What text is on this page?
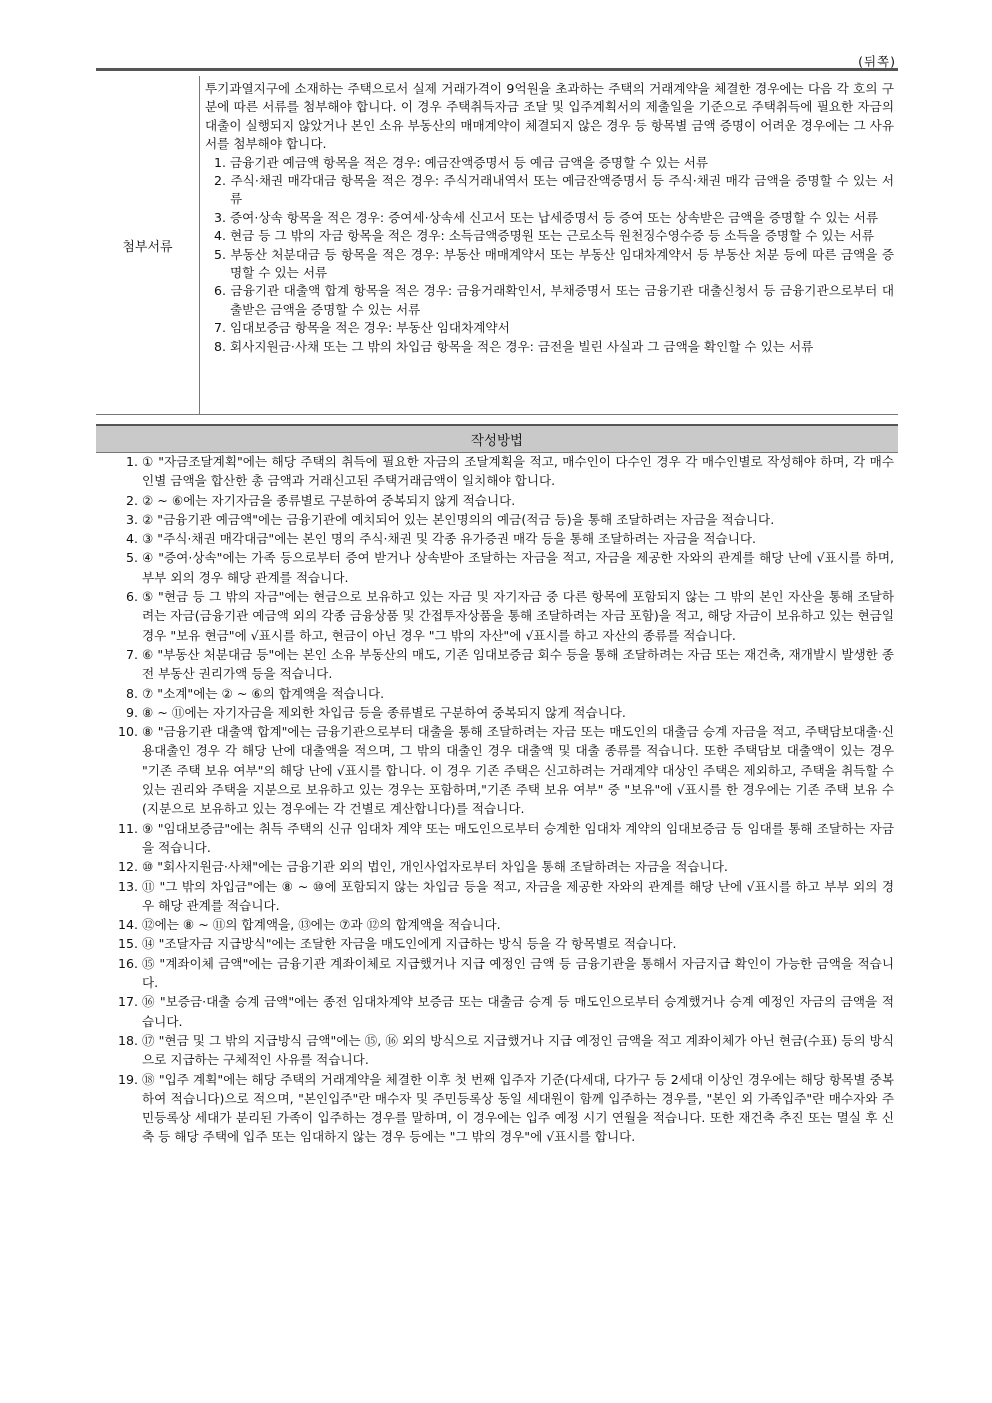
(뒤쪽)
첨부서류

투기과열지구에 소재하는 주택으로서 실제 거래가격이 9억원을 초과하는 주택의 거래계약을 체결한 경우에는 다음 각 호의 구분에 따른 서류를 첨부해야 합니다. 이 경우 주택취득자금 조달 및 입주계획서의 제출일을 기준으로 주택취득에 필요한 자금의 대출이 실행되지 않았거나 본인 소유 부동산의 매매계약이 체결되지 않은 경우 등 항목별 금액 증명이 어려운 경우에는 그 사유서를 첨부해야 합니다.

1. 금융기관 예금액 항목을 적은 경우: 예금잔액증명서 등 예금 금액을 증명할 수 있는 서류
2. 주식·채권 매각대금 항목을 적은 경우: 주식거래내역서 또는 예금잔액증명서 등 주식·채권 매각 금액을 증명할 수 있는 서류
3. 증여·상속 항목을 적은 경우: 증여세·상속세 신고서 또는 납세증명서 등 증여 또는 상속받은 금액을 증명할 수 있는 서류
4. 현금 등 그 밖의 자금 항목을 적은 경우: 소득금액증명원 또는 근로소득 원천징수영수증 등 소득을 증명할 수 있는 서류
5. 부동산 처분대금 등 항목을 적은 경우: 부동산 매매계약서 또는 부동산 임대차계약서 등 부동산 처분 등에 따른 금액을 증명할 수 있는 서류
6. 금융기관 대출액 합계 항목을 적은 경우: 금융거래확인서, 부채증명서 또는 금융기관 대출신청서 등 금융기관으로부터 대출받은 금액을 증명할 수 있는 서류
7. 임대보증금 항목을 적은 경우: 부동산 임대차계약서
8. 회사지원금·사채 또는 그 밖의 차입금 항목을 적은 경우: 금전을 빌린 사실과 그 금액을 확인할 수 있는 서류
작성방법
1. ① "자금조달계획"에는 해당 주택의 취득에 필요한 자금의 조달계획을 적고, 매수인이 다수인 경우 각 매수인별로 작성해야 하며, 각 매수인별 금액을 합산한 총 금액과 거래신고된 주택거래금액이 일치해야 합니다.
2. ② ~ ⑥에는 자기자금을 종류별로 구분하여 중복되지 않게 적습니다.
3. ② "금융기관 예금액"에는 금융기관에 예치되어 있는 본인명의의 예금(적금 등)을 통해 조달하려는 자금을 적습니다.
4. ③ "주식·채권 매각대금"에는 본인 명의 주식·채권 및 각종 유가증권 매각 등을 통해 조달하려는 자금을 적습니다.
5. ④ "증여·상속"에는 가족 등으로부터 증여 받거나 상속받아 조달하는 자금을 적고, 자금을 제공한 자와의 관계를 해당 난에 √표시를 하며, 부부 외의 경우 해당 관계를 적습니다.
6. ⑤ "현금 등 그 밖의 자금"에는 현금으로 보유하고 있는 자금 및 자기자금 중 다른 항목에 포함되지 않는 그 밖의 본인 자산을 통해 조달하려는 자금(금융기관 예금액 외의 각종 금융상품 및 간접투자상품을 통해 조달하려는 자금 포함)을 적고, 해당 자금이 보유하고 있는 현금일 경우 "보유 현금"에 √표시를 하고, 현금이 아닌 경우 "그 밖의 자산"에 √표시를 하고 자산의 종류를 적습니다.
7. ⑥ "부동산 처분대금 등"에는 본인 소유 부동산의 매도, 기존 임대보증금 회수 등을 통해 조달하려는 자금 또는 재건축, 재개발시 발생한 종전 부동산 권리가액 등을 적습니다.
8. ⑦ "소계"에는 ② ~ ⑥의 합계액을 적습니다.
9. ⑧ ~ ⑪에는 자기자금을 제외한 차입금 등을 종류별로 구분하여 중복되지 않게 적습니다.
10. ⑧ "금융기관 대출액 합계"에는 금융기관으로부터 대출을 통해 조달하려는 자금 또는 매도인의 대출금 승계 자금을 적고, 주택담보대출·신용대출인 경우 각 해당 난에 대출액을 적으며, 그 밖의 대출인 경우 대출액 및 대출 종류를 적습니다. 또한 주택담보 대출액이 있는 경우 "기존 주택 보유 여부"의 해당 난에 √표시를 합니다. 이 경우 기존 주택은 신고하려는 거래계약 대상인 주택은 제외하고, 주택을 취득할 수 있는 권리와 주택을 지분으로 보유하고 있는 경우는 포함하며,"기존 주택 보유 여부" 중 "보유"에 √표시를 한 경우에는 기존 주택 보유 수(지분으로 보유하고 있는 경우에는 각 건별로 계산합니다)를 적습니다.
11. ⑨ "임대보증금"에는 취득 주택의 신규 임대차 계약 또는 매도인으로부터 승계한 임대차 계약의 임대보증금 등 임대를 통해 조달하는 자금을 적습니다.
12. ⑩ "회사지원금·사채"에는 금융기관 외의 법인, 개인사업자로부터 차입을 통해 조달하려는 자금을 적습니다.
13. ⑪ "그 밖의 차입금"에는 ⑧ ~ ⑩에 포함되지 않는 차입금 등을 적고, 자금을 제공한 자와의 관계를 해당 난에 √표시를 하고 부부 외의 경우 해당 관계를 적습니다.
14. ⑫에는 ⑧ ~ ⑪의 합계액을, ⑬에는 ⑦과 ⑫의 합계액을 적습니다.
15. ⑭ "조달자금 지급방식"에는 조달한 자금을 매도인에게 지급하는 방식 등을 각 항목별로 적습니다.
16. ⑮ "계좌이체 금액"에는 금융기관 계좌이체로 지급했거나 지급 예정인 금액 등 금융기관을 통해서 자금지급 확인이 가능한 금액을 적습니다.
17. ⑯ "보증금·대출 승계 금액"에는 종전 임대차계약 보증금 또는 대출금 승계 등 매도인으로부터 승계했거나 승계 예정인 자금의 금액을 적습니다.
18. ⑰ "현금 및 그 밖의 지급방식 금액"에는 ⑮, ⑯ 외의 방식으로 지급했거나 지급 예정인 금액을 적고 계좌이체가 아닌 현금(수표) 등의 방식으로 지급하는 구체적인 사유를 적습니다.
19. ⑱ "입주 계획"에는 해당 주택의 거래계약을 체결한 이후 첫 번째 입주자 기준(다세대, 다가구 등 2세대 이상인 경우에는 해당 항목별 중복하여 적습니다)으로 적으며, "본인입주"란 매수자 및 주민등록상 동일 세대원이 함께 입주하는 경우를, "본인 외 가족입주"란 매수자와 주민등록상 세대가 분리된 가족이 입주하는 경우를 말하며, 이 경우에는 입주 예정 시기 연월을 적습니다. 또한 재건축 추진 또는 멸실 후 신축 등 해당 주택에 입주 또는 임대하지 않는 경우 등에는 "그 밖의 경우"에 √표시를 합니다.
